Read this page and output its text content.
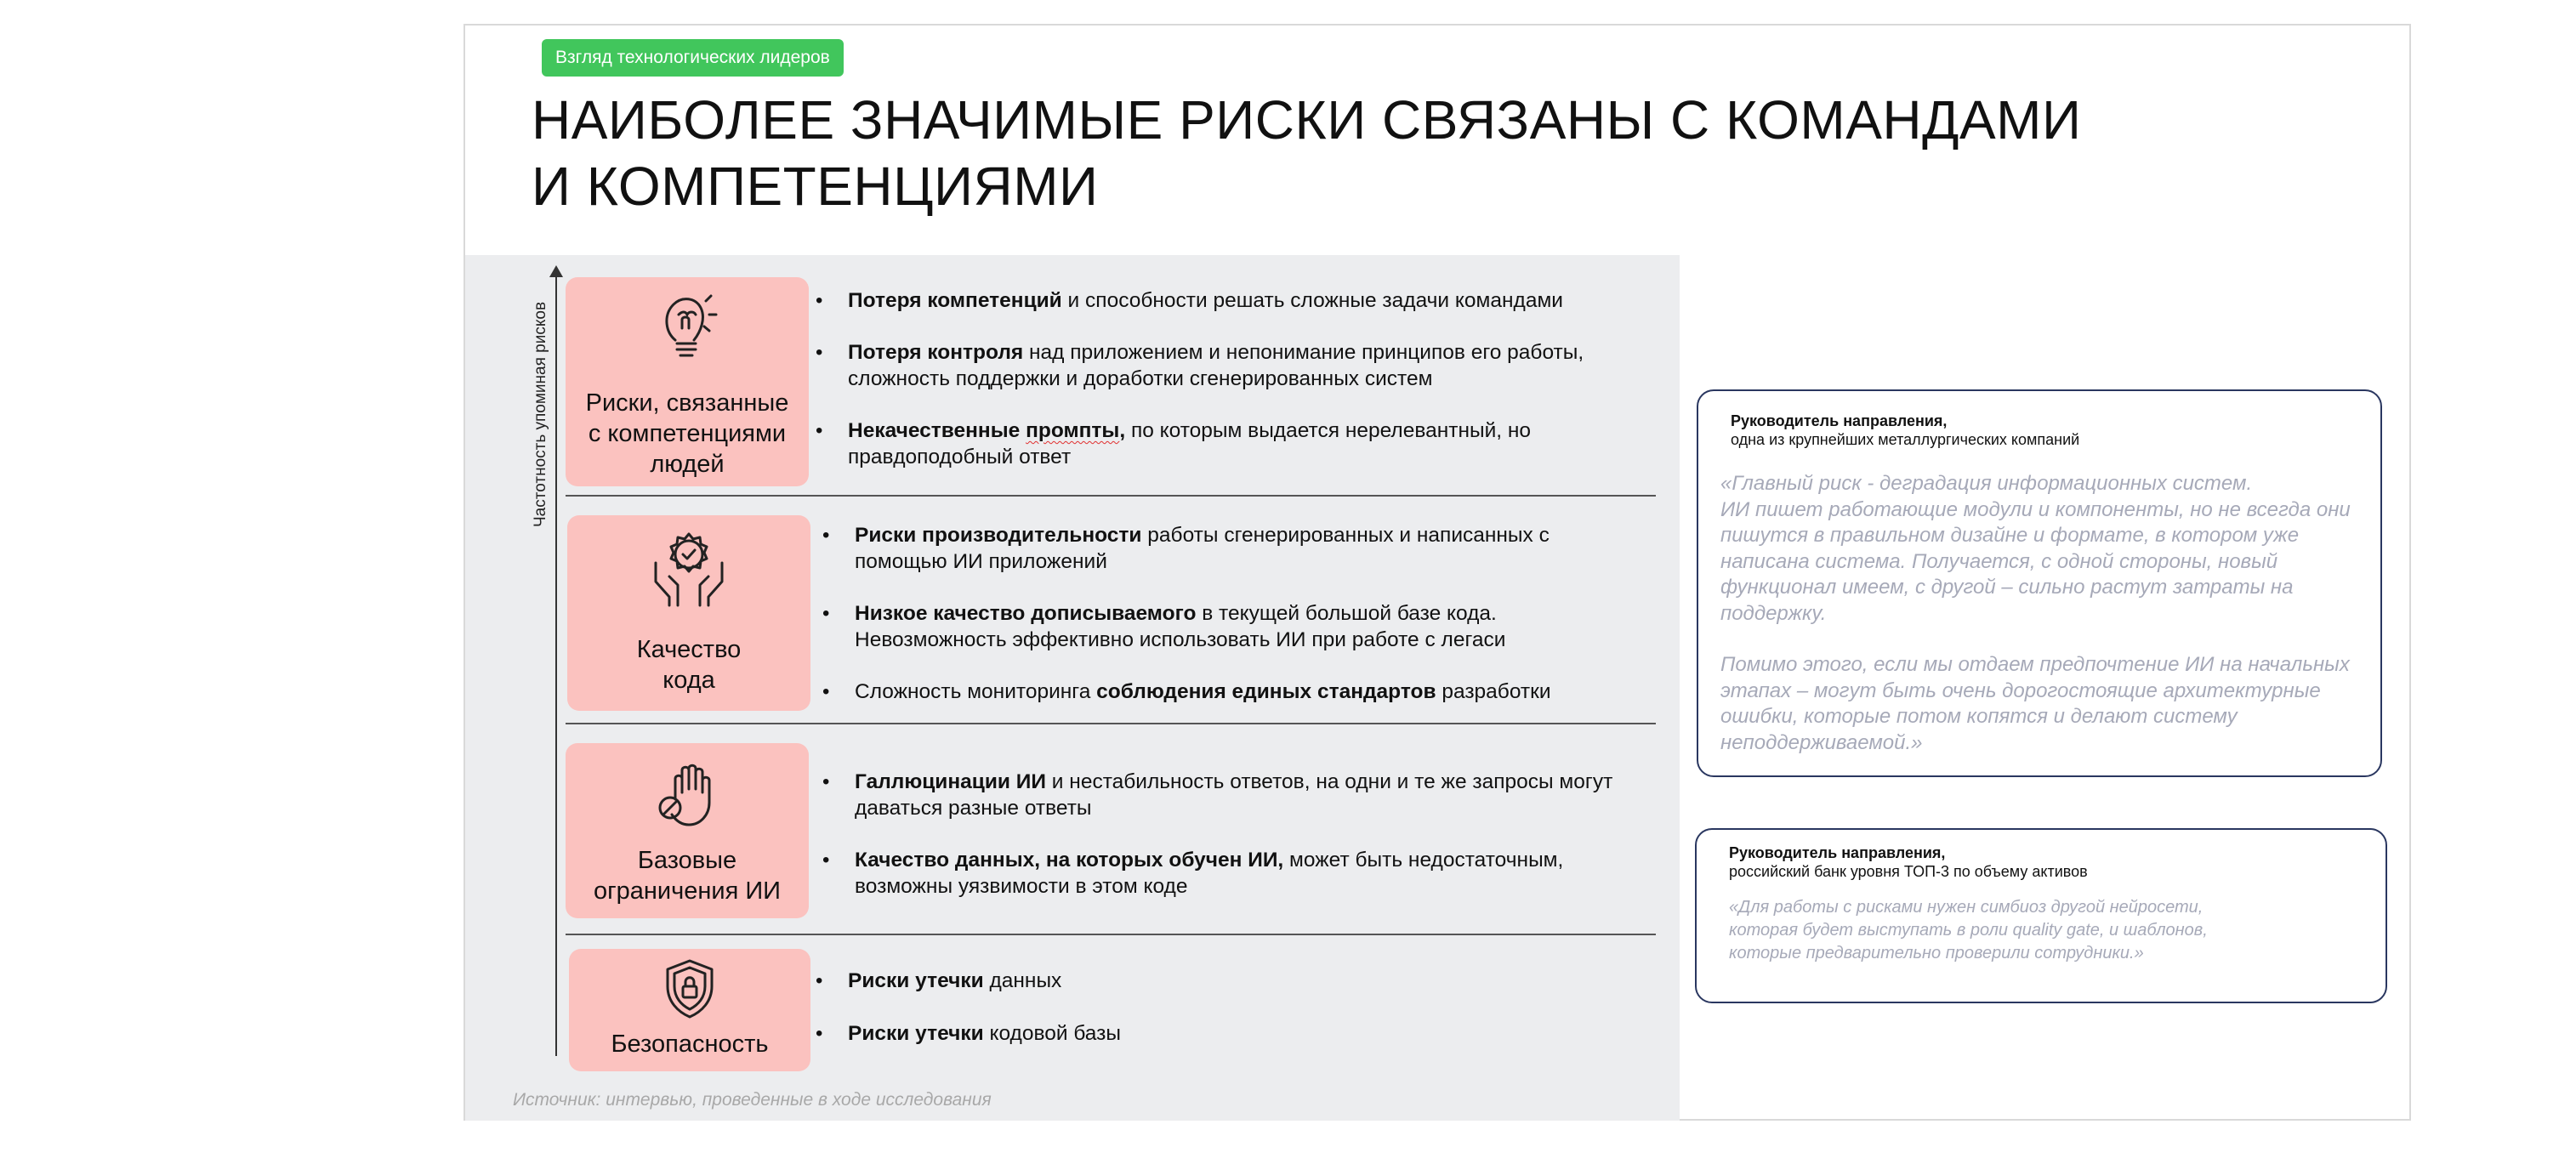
Взгляд технологических лидеров
НАИБОЛЕЕ ЗНАЧИМЫЕ РИСКИ СВЯЗАНЫ С КОМАНДАМИ
И КОМПЕТЕНЦИЯМИ
Частотность упоминая рисков	Риски, связанные с компетенциями людей
• Потеря компетенций и способности решать сложные задачи командами
• Потеря контроля над приложением и непонимание принципов его работы, сложность поддержки и доработки сгенерированных систем
• Некачественные промпты, по которым выдается нерелевантный, но правдоподобный ответ
Качество кода
• Риски производительности работы сгенерированных и написанных с помощью ИИ приложений
• Низкое качество дописываемого в текущей большой базе кода. Невозможность эффективно использовать ИИ при работе с легаси
• Сложность мониторинга соблюдения единых стандартов разработки
Базовые ограничения ИИ
• Галлюцинации ИИ и нестабильность ответов, на одни и те же запросы могут даваться разные ответы
• Качество данных, на которых обучен ИИ, может быть недостаточным, возможны уязвимости в этом коде
Безопасность
• Риски утечки данных
• Риски утечки кодовой базы
Источник: интервью, проведенные в ходе исследования
Руководитель направления,
одна из крупнейших металлургических компаний
«Главный риск - деградация информационных систем.
ИИ пишет работающие модули и компоненты, но не всегда они пишутся в правильном дизайне и формате, в котором уже написана система. Получается, с одной стороны, новый функционал имеем, с другой – сильно растут затраты на поддержку.
Помимо этого, если мы отдаем предпочтение ИИ на начальных этапах – могут быть очень дорогостоящие архитектурные ошибки, которые потом копятся и делают систему неподдерживаемой.»
Руководитель направления,
российский банк уровня ТОП-3 по объему активов
«Для работы с рисками нужен симбиоз другой нейросети, которая будет выступать в роли quality gate, и шаблонов, которые предварительно проверили сотрудники.»
